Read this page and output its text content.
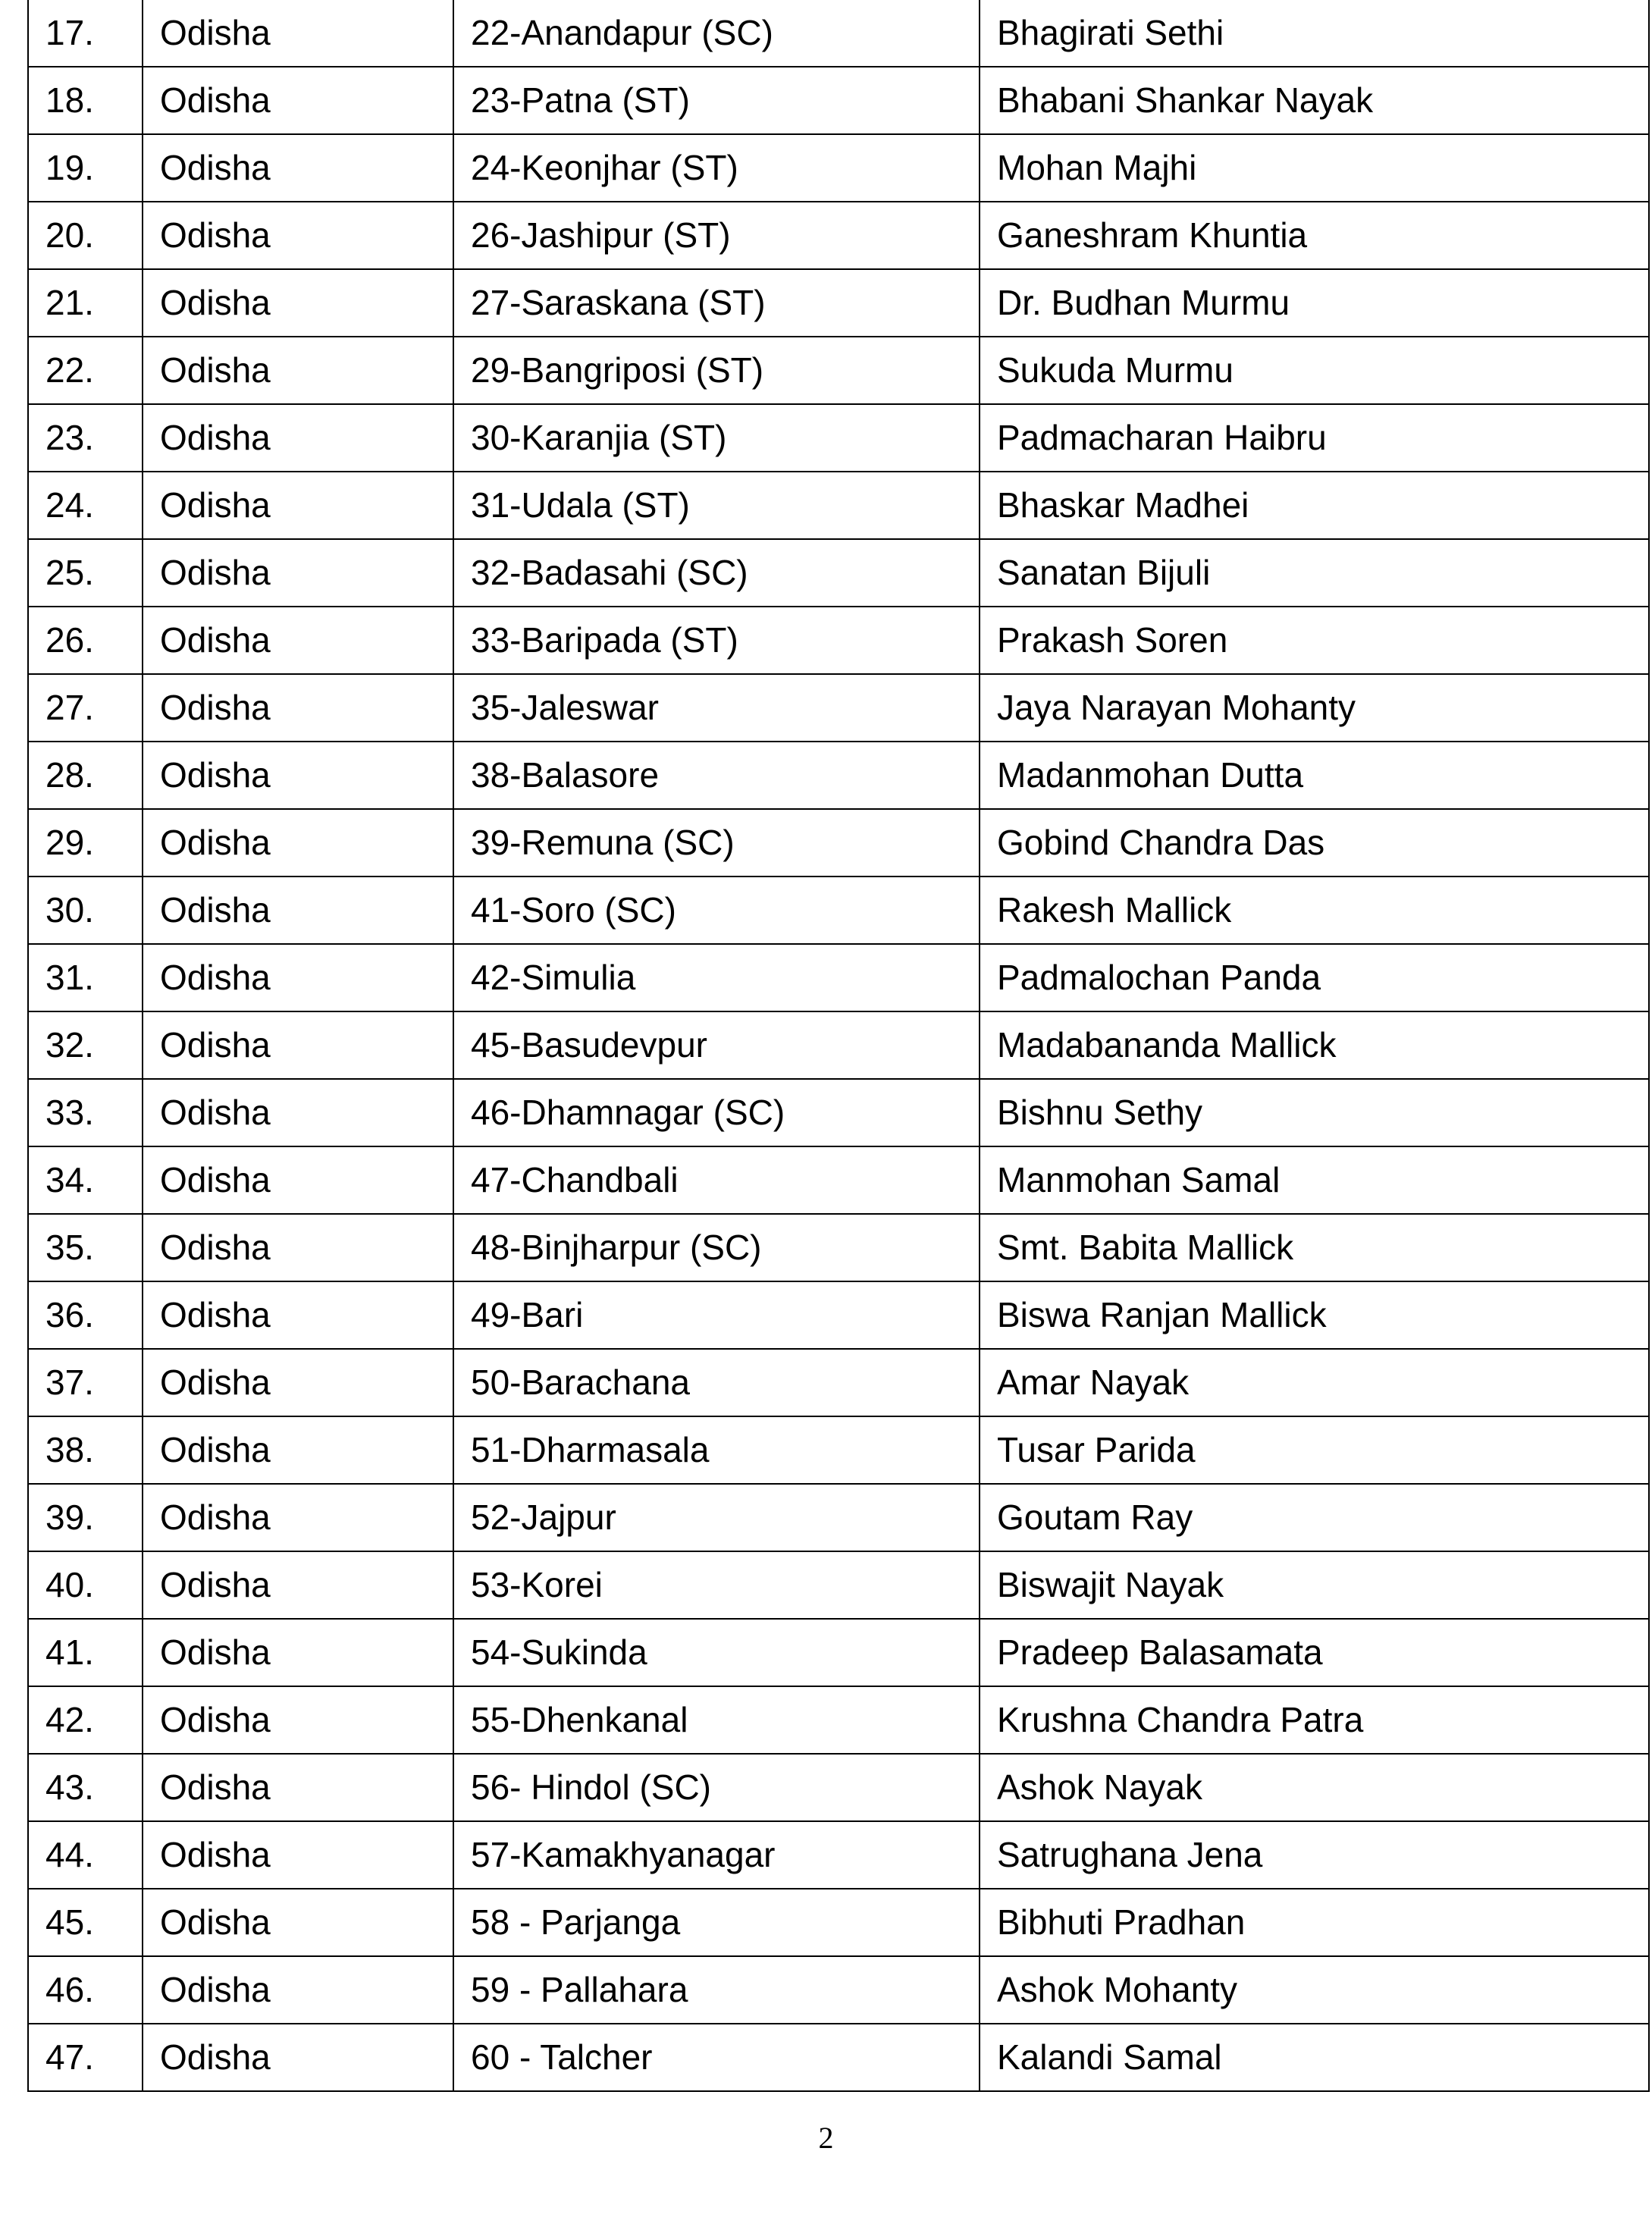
17.	Odisha	22-Anandapur (SC)	Bhagirati Sethi
18.	Odisha	23-Patna (ST)	Bhabani Shankar Nayak
19.	Odisha	24-Keonjhar (ST)	Mohan Majhi
20.	Odisha	26-Jashipur (ST)	Ganeshram Khuntia
21.	Odisha	27-Saraskana (ST)	Dr. Budhan Murmu
22.	Odisha	29-Bangriposi (ST)	Sukuda Murmu
23.	Odisha	30-Karanjia (ST)	Padmacharan Haibru
24.	Odisha	31-Udala (ST)	Bhaskar Madhei
25.	Odisha	32-Badasahi (SC)	Sanatan Bijuli
26.	Odisha	33-Baripada (ST)	Prakash Soren
27.	Odisha	35-Jaleswar	Jaya Narayan Mohanty
28.	Odisha	38-Balasore	Madanmohan Dutta
29.	Odisha	39-Remuna (SC)	Gobind Chandra Das
30.	Odisha	41-Soro (SC)	Rakesh Mallick
31.	Odisha	42-Simulia	Padmalochan Panda
32.	Odisha	45-Basudevpur	Madabananda Mallick
33.	Odisha	46-Dhamnagar (SC)	Bishnu Sethy
34.	Odisha	47-Chandbali	Manmohan Samal
35.	Odisha	48-Binjharpur (SC)	Smt. Babita Mallick
36.	Odisha	49-Bari	Biswa Ranjan Mallick
37.	Odisha	50-Barachana	Amar Nayak
38.	Odisha	51-Dharmasala	Tusar Parida
39.	Odisha	52-Jajpur	Goutam Ray
40.	Odisha	53-Korei	Biswajit Nayak
41.	Odisha	54-Sukinda	Pradeep Balasamata
42.	Odisha	55-Dhenkanal	Krushna Chandra Patra
43.	Odisha	56- Hindol (SC)	Ashok Nayak
44.	Odisha	57-Kamakhyanagar	Satrughana Jena
45.	Odisha	58 - Parjanga	Bibhuti Pradhan
46.	Odisha	59 - Pallahara	Ashok Mohanty
47.	Odisha	60 - Talcher	Kalandi Samal
2
